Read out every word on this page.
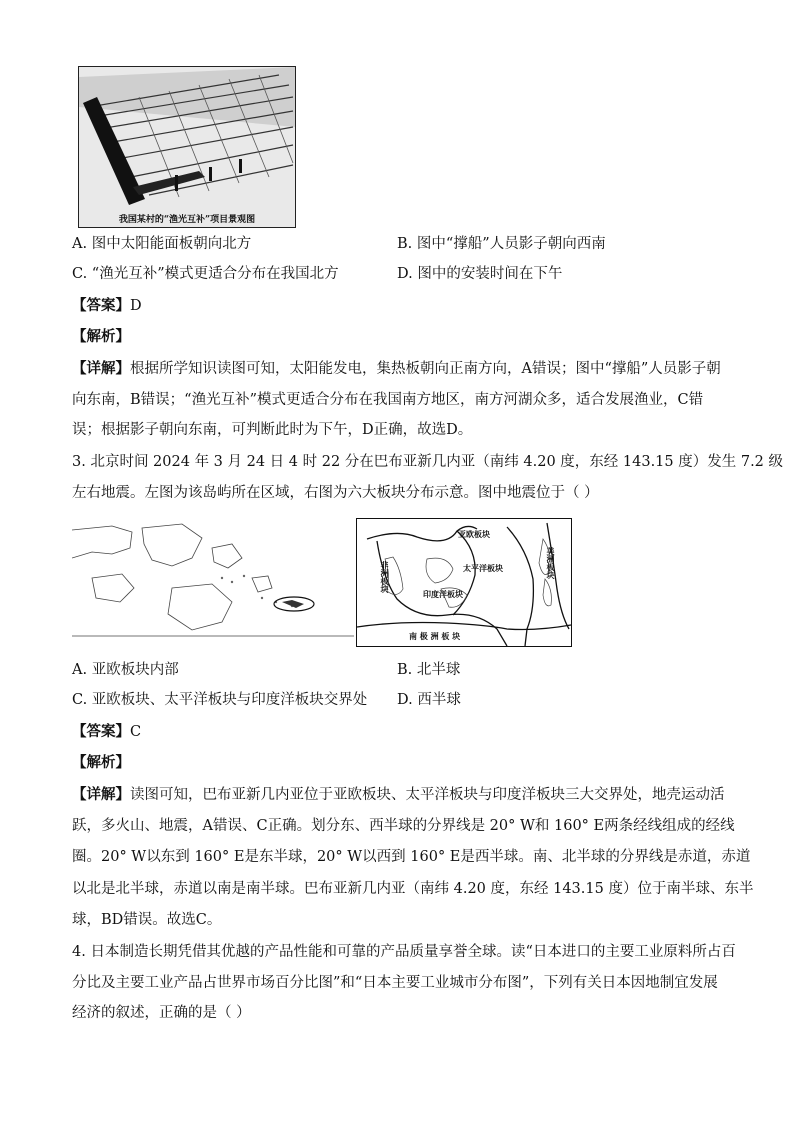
我国某村的“渔光互补”项目景观图
A. 图中太阳能面板朝向北方	B. 图中“撑船”人员影子朝向西南
C. “渔光互补”模式更适合分布在我国北方	D. 图中的安装时间在下午
【答案】D
【解析】
【详解】根据所学知识读图可知，太阳能发电，集热板朝向正南方向，A错误；图中“撑船”人员影子朝
向东南，B错误；“渔光互补”模式更适合分布在我国南方地区，南方河湖众多，适合发展渔业，C错
误；根据影子朝向东南，可判断此时为下午，D正确，故选D。
3. 北京时间 2024 年 3 月 24 日 4 时 22 分在巴布亚新几内亚（南纬 4.20 度，东经 143.15 度）发生 7.2 级
左右地震。左图为该岛屿所在区域，右图为六大板块分布示意。图中地震位于（ ）
亚欧板块
太平洋板块
印度洋板块
非洲板块	美洲板块
南 极 洲 板 块
A. 亚欧板块内部	B. 北半球
C. 亚欧板块、太平洋板块与印度洋板块交界处 D. 西半球
【答案】C
【解析】
【详解】读图可知，巴布亚新几内亚位于亚欧板块、太平洋板块与印度洋板块三大交界处，地壳运动活
跃，多火山、地震，A错误、C正确。划分东、西半球的分界线是 20° W和 160° E两条经线组成的经线
圈。20° W以东到 160° E是东半球，20° W以西到 160° E是西半球。南、北半球的分界线是赤道，赤道
以北是北半球，赤道以南是南半球。巴布亚新几内亚（南纬 4.20 度，东经 143.15 度）位于南半球、东半
球，BD错误。故选C。
4. 日本制造长期凭借其优越的产品性能和可靠的产品质量享誉全球。读“日本进口的主要工业原料所占百
分比及主要工业产品占世界市场百分比图”和“日本主要工业城市分布图”，下列有关日本因地制宜发展
经济的叙述，正确的是（ ）
